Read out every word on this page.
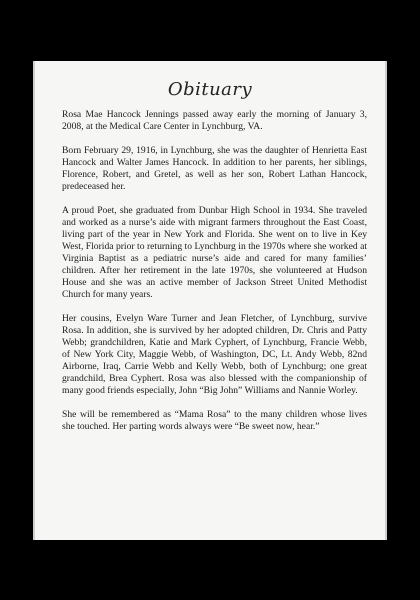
Obituary

Rosa Mae Hancock Jennings passed away early the morning of January 3, 2008, at the Medical Care Center in Lynchburg, VA.

Born February 29, 1916, in Lynchburg, she was the daughter of Henrietta East Hancock and Walter James Hancock. In addition to her parents, her siblings, Florence, Robert, and Gretel, as well as her son, Robert Lathan Hancock, predeceased her.

A proud Poet, she graduated from Dunbar High School in 1934. She traveled and worked as a nurse’s aide with migrant farmers throughout the East Coast, living part of the year in New York and Florida. She went on to live in Key West, Florida prior to returning to Lynchburg in the 1970s where she worked at Virginia Baptist as a pediatric nurse’s aide and cared for many families’ children. After her retirement in the late 1970s, she volunteered at Hudson House and she was an active member of Jackson Street United Methodist Church for many years.

Her cousins, Evelyn Ware Turner and Jean Fletcher, of Lynchburg, survive Rosa. In addition, she is survived by her adopted children, Dr. Chris and Patty Webb; grandchildren, Katie and Mark Cyphert, of Lynchburg, Francie Webb, of New York City, Maggie Webb, of Washington, DC, Lt. Andy Webb, 82nd Airborne, Iraq, Carrie Webb and Kelly Webb, both of Lynchburg; one great grandchild, Brea Cyphert. Rosa was also blessed with the companionship of many good friends especially, John “Big John” Williams and Nannie Worley.

She will be remembered as “Mama Rosa” to the many children whose lives she touched. Her parting words always were “Be sweet now, hear.”
